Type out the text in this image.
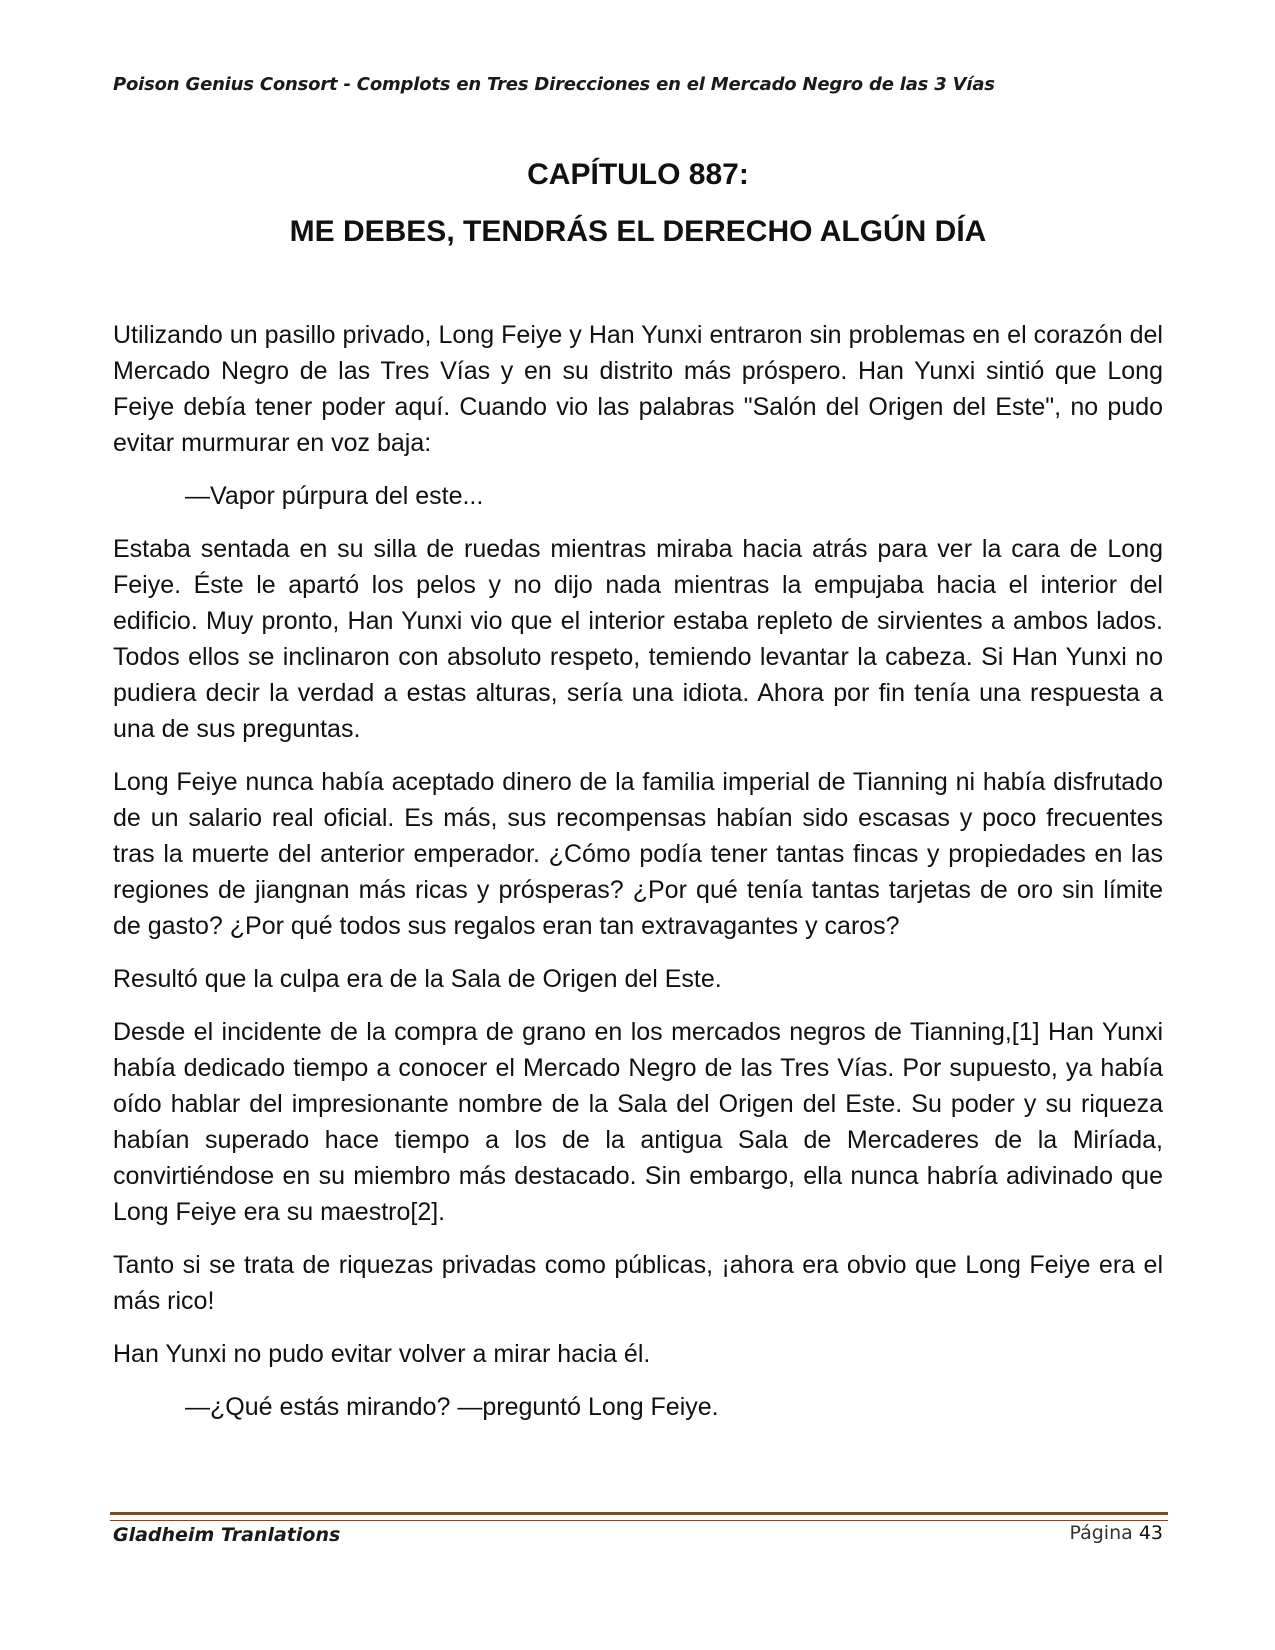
Poison Genius Consort - Complots en Tres Direcciones en el Mercado Negro de las 3 Vías
CAPÍTULO 887:
ME DEBES, TENDRÁS EL DERECHO ALGÚN DÍA

Utilizando un pasillo privado, Long Feiye y Han Yunxi entraron sin problemas en el corazón del Mercado Negro de las Tres Vías y en su distrito más próspero. Han Yunxi sintió que Long Feiye debía tener poder aquí. Cuando vio las palabras "Salón del Origen del Este", no pudo evitar murmurar en voz baja:

—Vapor púrpura del este...

Estaba sentada en su silla de ruedas mientras miraba hacia atrás para ver la cara de Long Feiye. Éste le apartó los pelos y no dijo nada mientras la empujaba hacia el interior del edificio. Muy pronto, Han Yunxi vio que el interior estaba repleto de sirvientes a ambos lados. Todos ellos se inclinaron con absoluto respeto, temiendo levantar la cabeza. Si Han Yunxi no pudiera decir la verdad a estas alturas, sería una idiota. Ahora por fin tenía una respuesta a una de sus preguntas.

Long Feiye nunca había aceptado dinero de la familia imperial de Tianning ni había disfrutado de un salario real oficial. Es más, sus recompensas habían sido escasas y poco frecuentes tras la muerte del anterior emperador. ¿Cómo podía tener tantas fincas y propiedades en las regiones de jiangnan más ricas y prósperas? ¿Por qué tenía tantas tarjetas de oro sin límite de gasto? ¿Por qué todos sus regalos eran tan extravagantes y caros?

Resultó que la culpa era de la Sala de Origen del Este.

Desde el incidente de la compra de grano en los mercados negros de Tianning,[1] Han Yunxi había dedicado tiempo a conocer el Mercado Negro de las Tres Vías. Por supuesto, ya había oído hablar del impresionante nombre de la Sala del Origen del Este. Su poder y su riqueza habían superado hace tiempo a los de la antigua Sala de Mercaderes de la Miríada, convirtiéndose en su miembro más destacado. Sin embargo, ella nunca habría adivinado que Long Feiye era su maestro[2].

Tanto si se trata de riquezas privadas como públicas, ¡ahora era obvio que Long Feiye era el más rico!

Han Yunxi no pudo evitar volver a mirar hacia él.

—¿Qué estás mirando? —preguntó Long Feiye.

Gladheim Tranlations	Página 43
